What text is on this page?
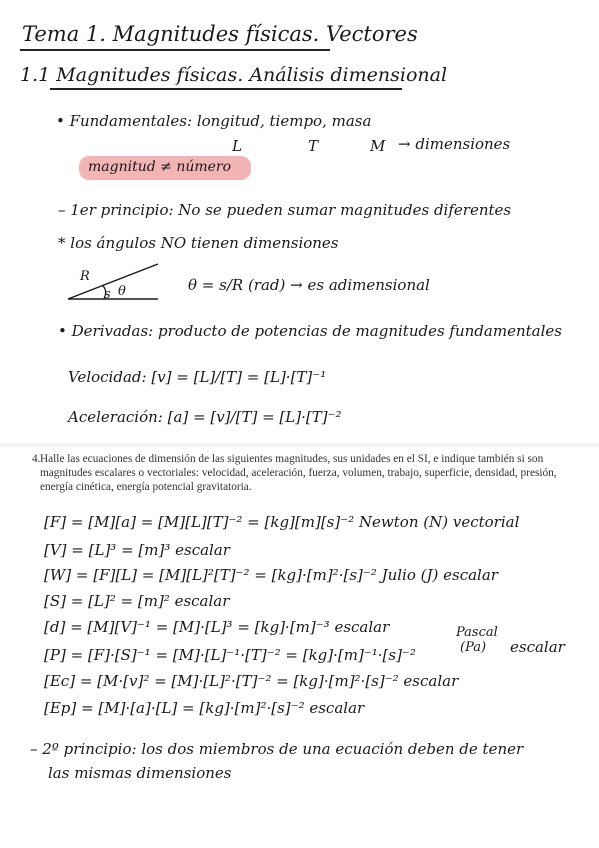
Tema 1. Magnitudes físicas. Vectores
1.1 Magnitudes físicas. Análisis dimensional
• Fundamentales: longitud, tiempo, masa
L	T	M → dimensiones
magnitud ≠ número
– 1er principio: No se pueden sumar magnitudes diferentes
* los ángulos NO tienen dimensiones
R
s θ	θ = s/R (rad) → es adimensional
• Derivadas: producto de potencias de magnitudes fundamentales
Velocidad: [v] = [L]/[T] = [L]·[T]⁻¹
Aceleración: [a] = [v]/[T] = [L]·[T]⁻²
4. Halle las ecuaciones de dimensión de las siguientes magnitudes, sus unidades en el SI, e indique también si son magnitudes escalares o vectoriales: velocidad, aceleración, fuerza, volumen, trabajo, superficie, densidad, presión, energía cinética, energía potencial gravitatoria.
[F] = [M][a] = [M][L][T]⁻² = [kg][m][s]⁻² Newton (N) vectorial
[V] = [L]³ = [m]³ escalar
[W] = [F][L] = [M][L]²[T]⁻² = [kg]·[m]²·[s]⁻² Julio (J) escalar
[S] = [L]² = [m]² escalar
[d] = [M][V]⁻¹ = [M]·[L]³ = [kg]·[m]⁻³ escalar
[P] = [F]·[S]⁻¹ = [M]·[L]⁻¹·[T]⁻² = [kg]·[m]⁻¹·[s]⁻²
Pascal
(Pa) escalar
[Ec] = [M·[v]² = [M]·[L]²·[T]⁻² = [kg]·[m]²·[s]⁻² escalar
[Ep] = [M]·[a]·[L] = [kg]·[m]²·[s]⁻² escalar
– 2º principio: los dos miembros de una ecuación deben de tener
las mismas dimensiones
